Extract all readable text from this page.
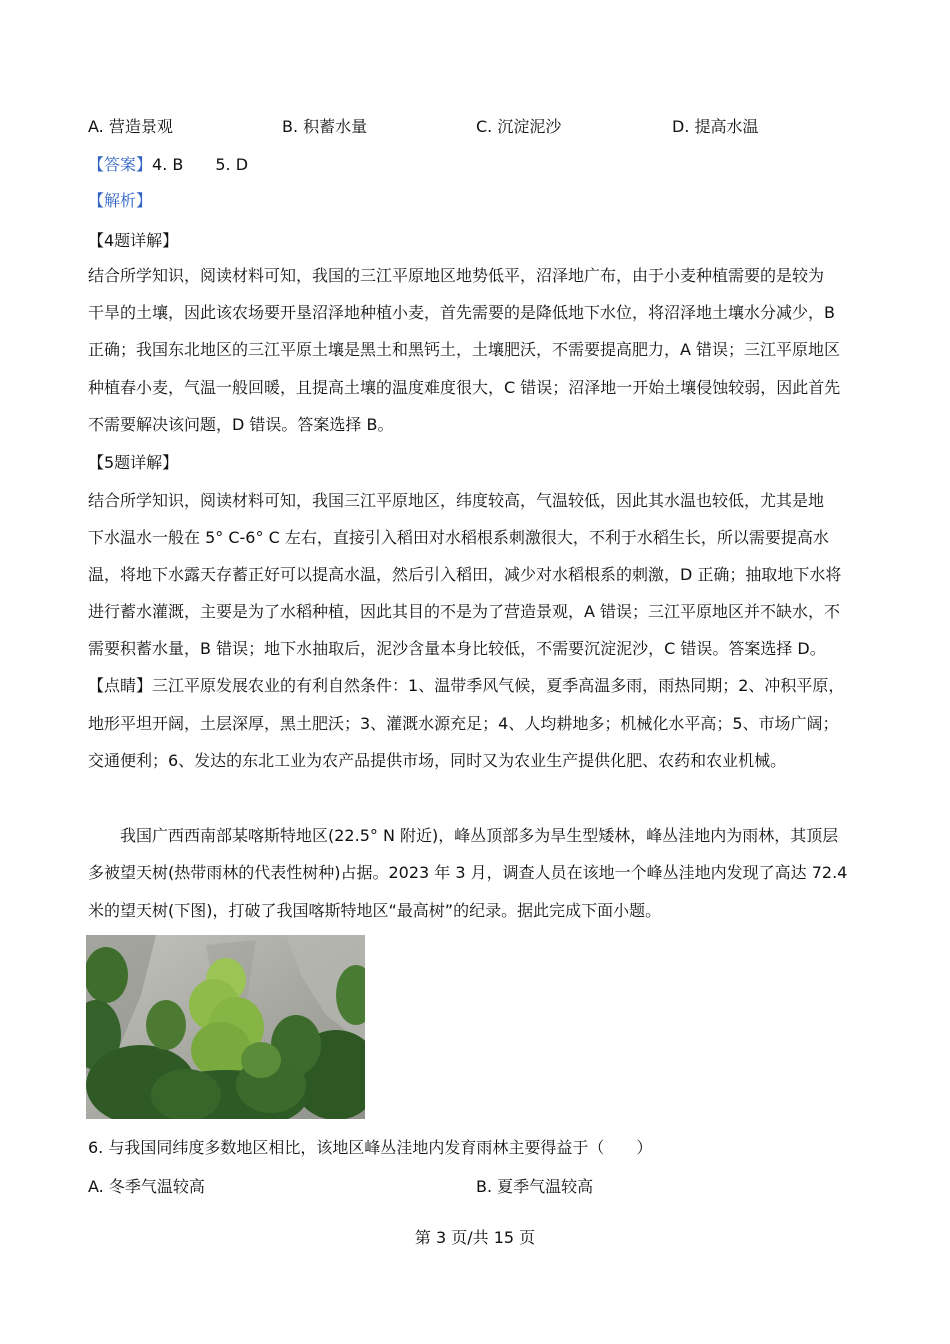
A. 营造景观	B. 积蓄水量	C. 沉淀泥沙	D. 提高水温
【答案】4. B　　5. D
【解析】
【4题详解】
结合所学知识，阅读材料可知，我国的三江平原地区地势低平，沼泽地广布，由于小麦种植需要的是较为
干旱的土壤，因此该农场要开垦沼泽地种植小麦，首先需要的是降低地下水位，将沼泽地土壤水分减少，B
正确；我国东北地区的三江平原土壤是黑土和黑钙土，土壤肥沃，不需要提高肥力，A 错误；三江平原地区
种植春小麦，气温一般回暖，且提高土壤的温度难度很大，C 错误；沼泽地一开始土壤侵蚀较弱，因此首先
不需要解决该问题，D 错误。答案选择 B。
【5题详解】
结合所学知识，阅读材料可知，我国三江平原地区，纬度较高，气温较低，因此其水温也较低，尤其是地
下水温水一般在 5° C-6° C 左右，直接引入稻田对水稻根系刺激很大，不利于水稻生长，所以需要提高水
温，将地下水露天存蓄正好可以提高水温，然后引入稻田，减少对水稻根系的刺激，D 正确；抽取地下水将
进行蓄水灌溉，主要是为了水稻种植，因此其目的不是为了营造景观，A 错误；三江平原地区并不缺水，不
需要积蓄水量，B 错误；地下水抽取后，泥沙含量本身比较低，不需要沉淀泥沙，C 错误。答案选择 D。
【点睛】三江平原发展农业的有利自然条件：1、温带季风气候，夏季高温多雨，雨热同期；2、冲积平原，
地形平坦开阔，土层深厚，黑土肥沃；3、灌溉水源充足；4、人均耕地多；机械化水平高；5、市场广阔；
交通便利；6、发达的东北工业为农产品提供市场，同时又为农业生产提供化肥、农药和农业机械。
我国广西西南部某喀斯特地区(22.5° N 附近)，峰丛顶部多为旱生型矮林，峰丛洼地内为雨林，其顶层
多被望天树(热带雨林的代表性树种)占据。2023 年 3 月，调查人员在该地一个峰丛洼地内发现了高达 72.4
米的望天树(下图)，打破了我国喀斯特地区“最高树”的纪录。据此完成下面小题。
6. 与我国同纬度多数地区相比，该地区峰丛洼地内发育雨林主要得益于（　　）
A. 冬季气温较高	B. 夏季气温较高
第 3 页/共 15 页
